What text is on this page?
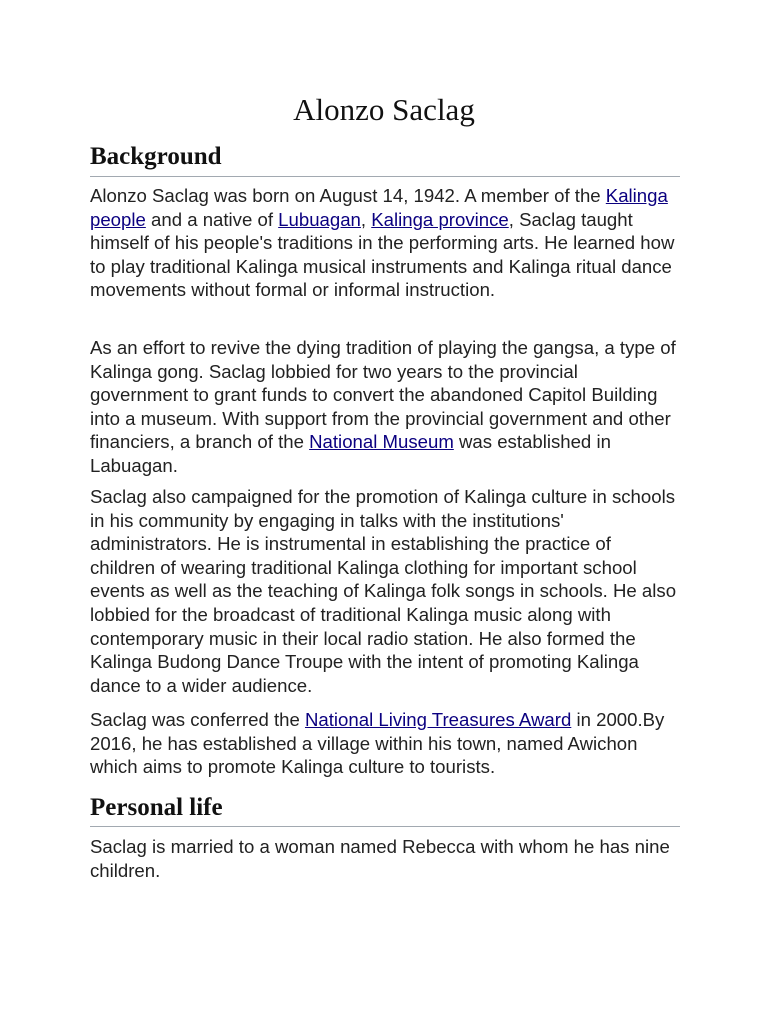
Alonzo Saclag
Background

Alonzo Saclag was born on August 14, 1942. A member of the Kalinga people and a native of Lubuagan, Kalinga province, Saclag taught himself of his people's traditions in the performing arts. He learned how to play traditional Kalinga musical instruments and Kalinga ritual dance movements without formal or informal instruction.

As an effort to revive the dying tradition of playing the gangsa, a type of Kalinga gong. Saclag lobbied for two years to the provincial government to grant funds to convert the abandoned Capitol Building into a museum. With support from the provincial government and other financiers, a branch of the National Museum was established in Labuagan.

Saclag also campaigned for the promotion of Kalinga culture in schools in his community by engaging in talks with the institutions' administrators. He is instrumental in establishing the practice of children of wearing traditional Kalinga clothing for important school events as well as the teaching of Kalinga folk songs in schools. He also lobbied for the broadcast of traditional Kalinga music along with contemporary music in their local radio station. He also formed the Kalinga Budong Dance Troupe with the intent of promoting Kalinga dance to a wider audience.

Saclag was conferred the National Living Treasures Award in 2000.By 2016, he has established a village within his town, named Awichon which aims to promote Kalinga culture to tourists.

Personal life

Saclag is married to a woman named Rebecca with whom he has nine children.
